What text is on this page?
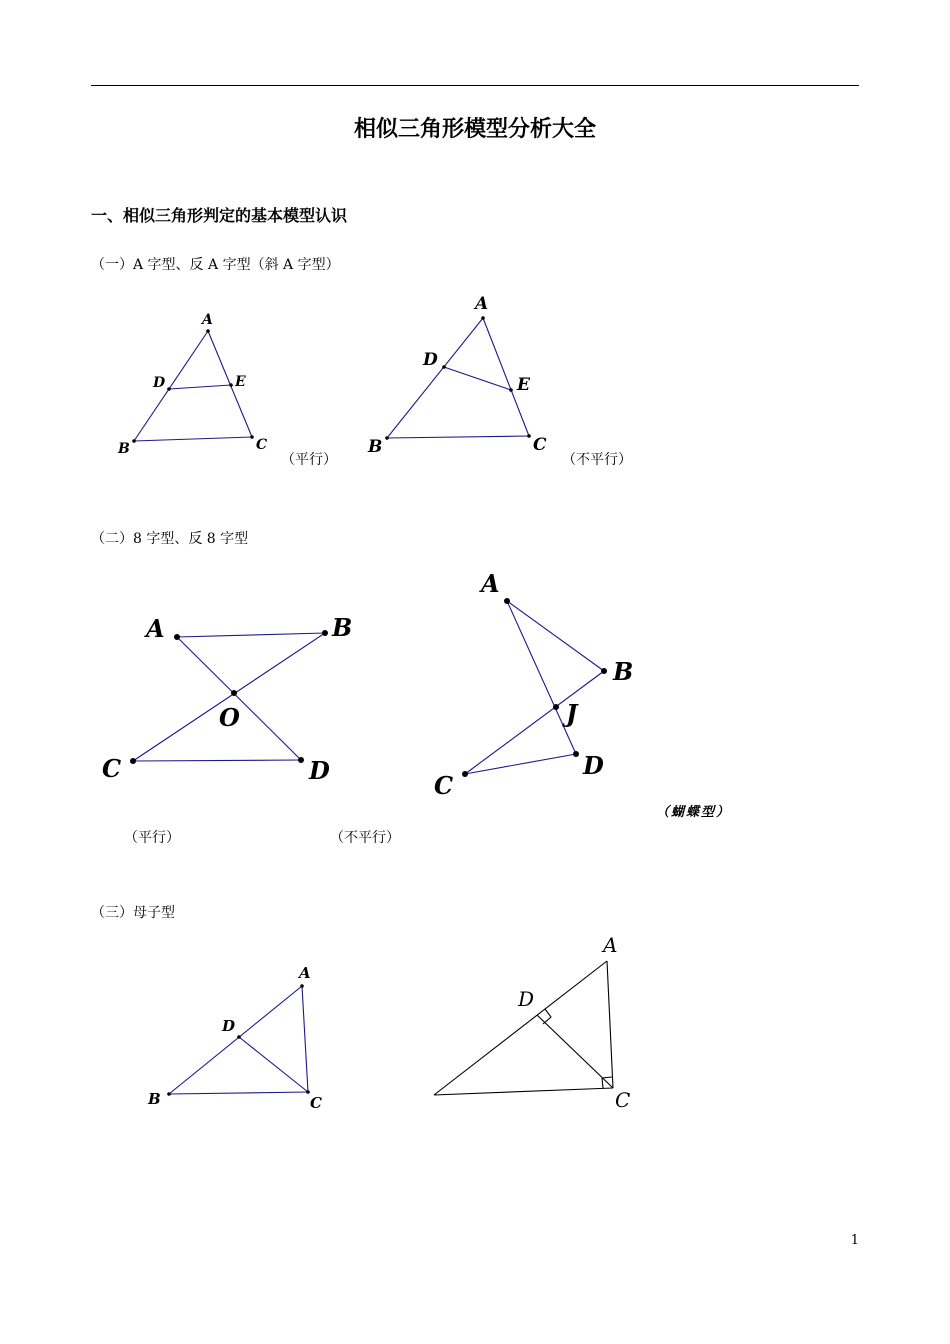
相似三角形模型分析大全
一、相似三角形判定的基本模型认识
（一）A 字型、反 A 字型（斜 A 字型）
A
D	E
B	C
（平行）
A
D
E
B	C
（不平行）
（二）8 字型、反 8 字型
A	B
O
C	D
（平行）	（不平行）
A
B
J
D
C
（蝴蝶型）
（三）母子型
A
D
B	C
A
D
C
1
